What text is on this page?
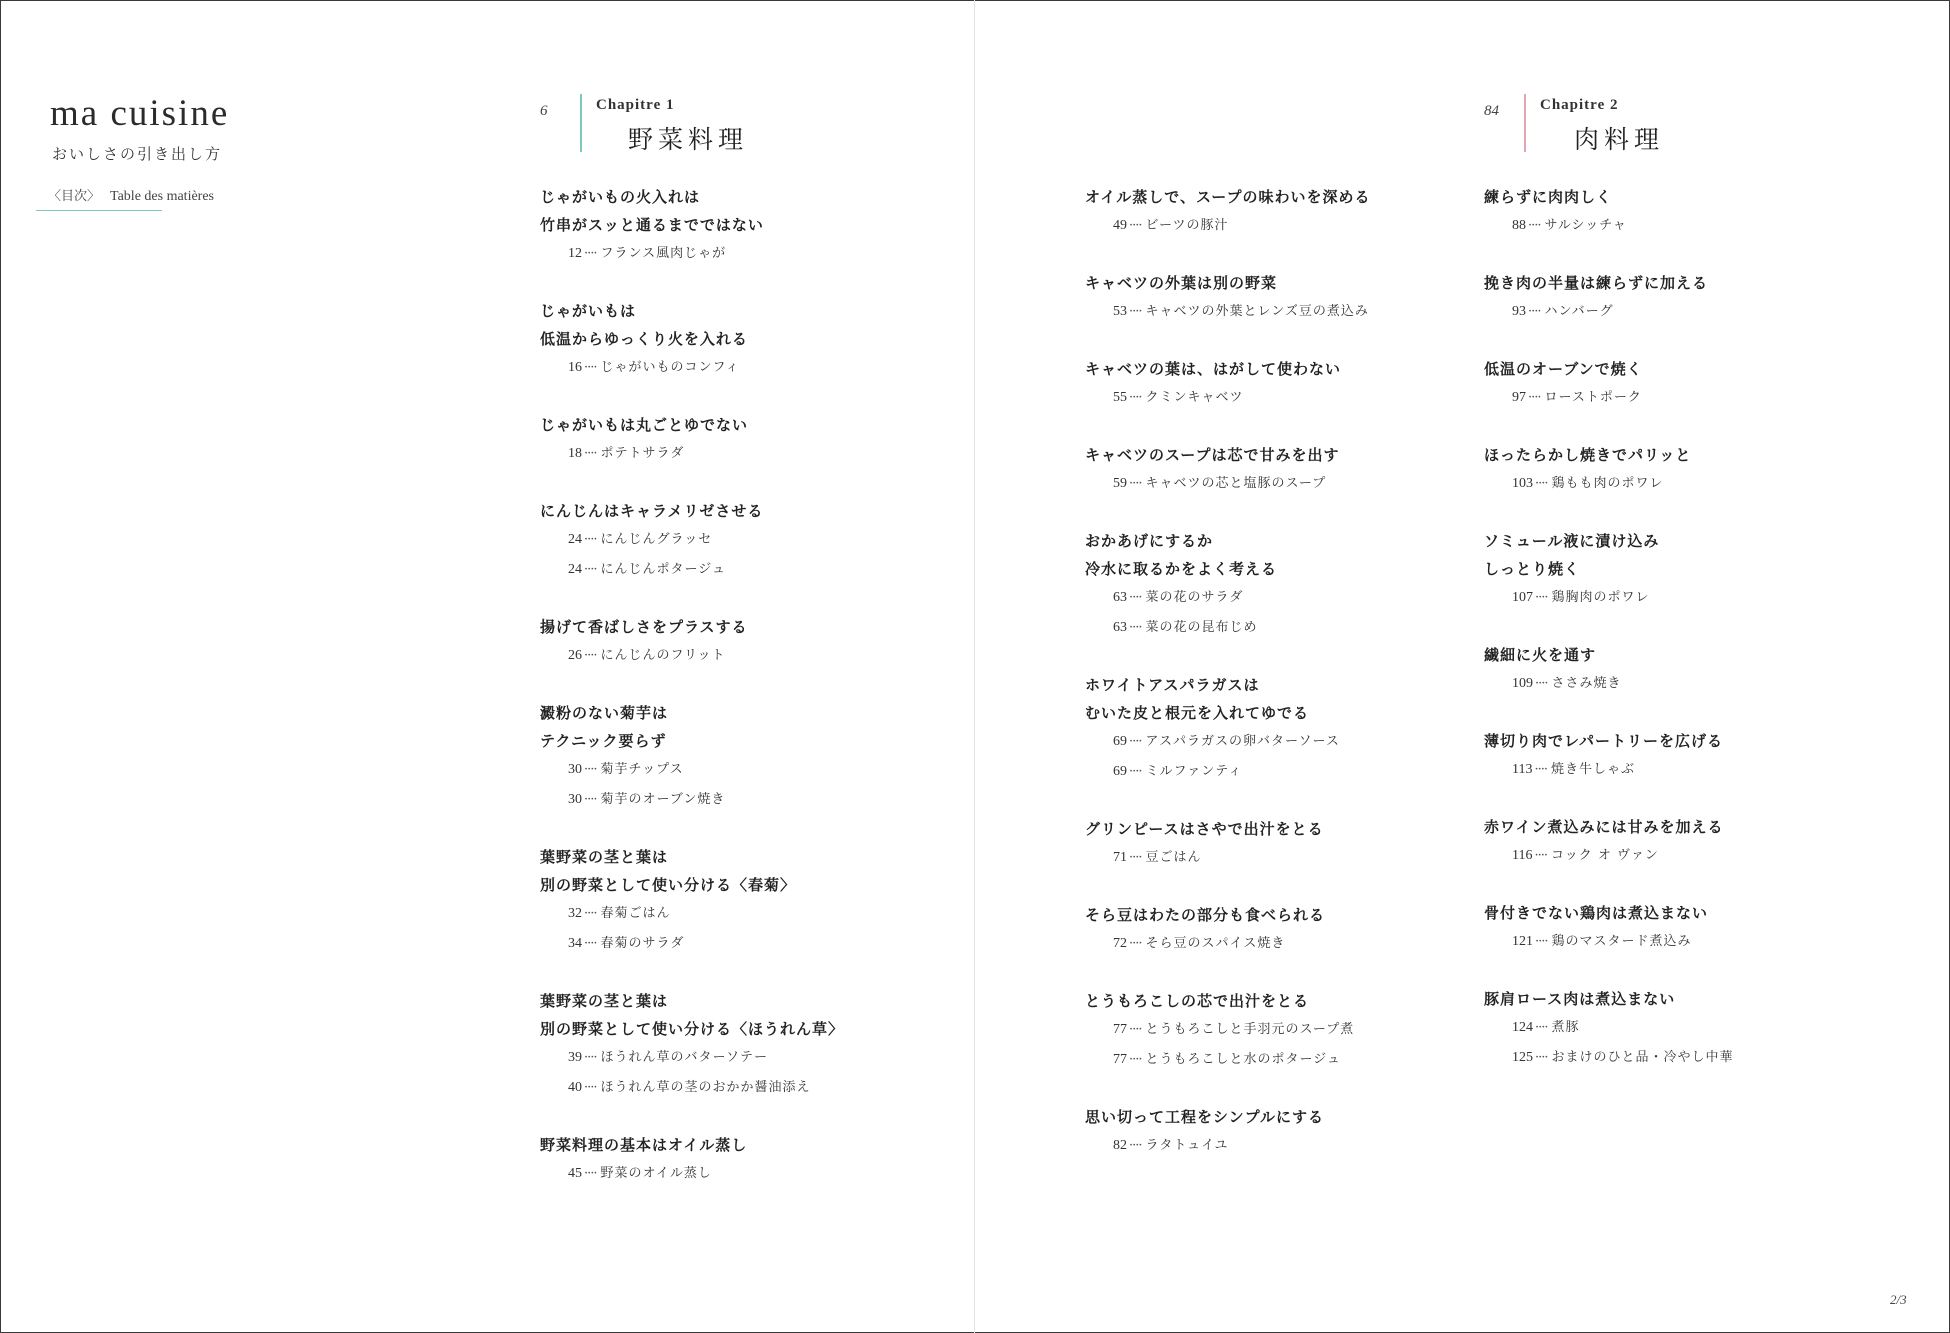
ma cuisine
おいしさの引き出し方
〈目次〉 Table des matières
6	Chapitre 1
野菜料理
84	Chapitre 2
肉料理
じゃがいもの火入れは
竹串がスッと通るまでではない
12 ···· フランス風肉じゃが
じゃがいもは
低温からゆっくり火を入れる
16 ···· じゃがいものコンフィ
じゃがいもは丸ごとゆでない
18 ···· ポテトサラダ
にんじんはキャラメリゼさせる
24 ···· にんじんグラッセ
24 ···· にんじんポタージュ
揚げて香ばしさをプラスする
26 ···· にんじんのフリット
澱粉のない菊芋は
テクニック要らず
30 ···· 菊芋チップス
30 ···· 菊芋のオーブン焼き
葉野菜の茎と葉は
別の野菜として使い分ける〈春菊〉
32 ···· 春菊ごはん
34 ···· 春菊のサラダ
葉野菜の茎と葉は
別の野菜として使い分ける〈ほうれん草〉
39 ···· ほうれん草のバターソテー
40 ···· ほうれん草の茎のおかか醤油添え
野菜料理の基本はオイル蒸し
45 ···· 野菜のオイル蒸し
オイル蒸しで、スープの味わいを深める
49 ···· ビーツの豚汁
キャベツの外葉は別の野菜
53 ···· キャベツの外葉とレンズ豆の煮込み
キャベツの葉は、はがして使わない
55 ···· クミンキャベツ
キャベツのスープは芯で甘みを出す
59 ···· キャベツの芯と塩豚のスープ
おかあげにするか
冷水に取るかをよく考える
63 ···· 菜の花のサラダ
63 ···· 菜の花の昆布じめ
ホワイトアスパラガスは
むいた皮と根元を入れてゆでる
69 ···· アスパラガスの卵バターソース
69 ···· ミルファンティ
グリンピースはさやで出汁をとる
71 ···· 豆ごはん
そら豆はわたの部分も食べられる
72 ···· そら豆のスパイス焼き
とうもろこしの芯で出汁をとる
77 ···· とうもろこしと手羽元のスープ煮
77 ···· とうもろこしと水のポタージュ
思い切って工程をシンプルにする
82 ···· ラタトュイユ
練らずに肉肉しく
88 ···· サルシッチャ
挽き肉の半量は練らずに加える
93 ···· ハンバーグ
低温のオーブンで焼く
97 ···· ローストポーク
ほったらかし焼きでパリッと
103 ···· 鶏もも肉のポワレ
ソミュール液に漬け込み
しっとり焼く
107 ···· 鶏胸肉のポワレ
繊細に火を通す
109 ···· ささみ焼き
薄切り肉でレパートリーを広げる
113 ···· 焼き牛しゃぶ
赤ワイン煮込みには甘みを加える
116 ···· コック オ ヴァン
骨付きでない鶏肉は煮込まない
121 ···· 鶏のマスタード煮込み
豚肩ロース肉は煮込まない
124 ···· 煮豚
125 ···· おまけのひと品・冷やし中華
2/3
